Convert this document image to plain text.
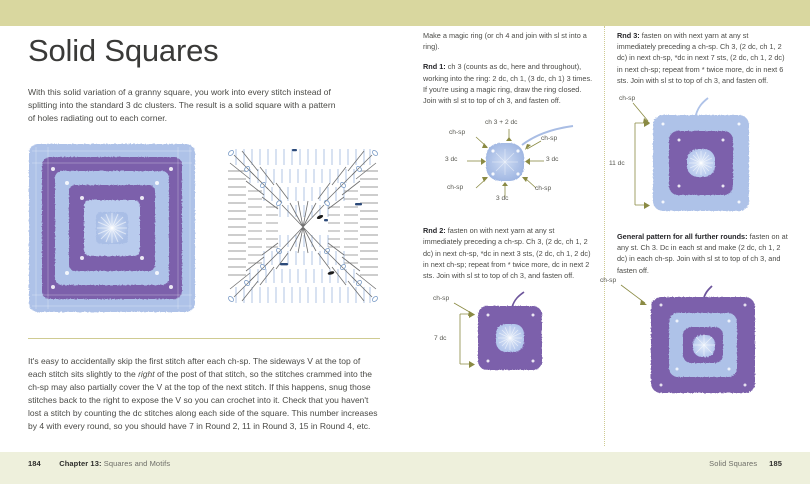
Solid Squares

With this solid variation of a granny square, you work into every stitch instead of splitting into the standard 3 dc clusters. The result is a solid square with a pattern of holes radiating out to each corner.

It's easy to accidentally skip the first stitch after each ch-sp. The sideways V at the top of each stitch sits slightly to the right of the post of that stitch, so the stitches crammed into the ch-sp may also partially cover the V at the top of the next stitch. If this happens, snug those stitches back to the right to expose the V so you can crochet into it. Check that you haven't lost a stitch by counting the dc stitches along each side of the square. This number increases by 4 with every round, so you should have 7 in Round 2, 11 in Round 3, 15 in Round 4, etc.

Make a magic ring (or ch 4 and join with sl st into a ring).

Rnd 1: ch 3 (counts as dc, here and throughout), working into the ring: 2 dc, ch 1, (3 dc, ch 1) 3 times. If you're using a magic ring, draw the ring closed. Join with sl st to top of ch 3, and fasten off.

ch 3 + 2 dc
ch-sp
ch-sp
3 dc	3 dc
ch-sp	ch-sp
3 dc

Rnd 2: fasten on with next yarn at any st immediately preceding a ch-sp. Ch 3, (2 dc, ch 1, 2 dc) in next ch-sp, *dc in next 3 sts, (2 dc, ch 1, 2 dc) in next ch-sp; repeat from * twice more, dc in next 2 sts. Join with sl st to top of ch 3, and fasten off.

ch-sp
7 dc

Rnd 3: fasten on with next yarn at any st immediately preceding a ch-sp. Ch 3, (2 dc, ch 1, 2 dc) in next ch-sp, *dc in next 7 sts, (2 dc, ch 1, 2 dc) in next ch-sp; repeat from * twice more, dc in next 6 sts. Join with sl st to top of ch 3, and fasten off.

ch-sp
11 dc

General pattern for all further rounds: fasten on at any st. Ch 3. Dc in each st and make (2 dc, ch 1, 2 dc) in each ch-sp. Join with sl st to top of ch 3, and fasten off.

ch-sp
184 Chapter 13: Squares and Motifs	Solid Squares 185
